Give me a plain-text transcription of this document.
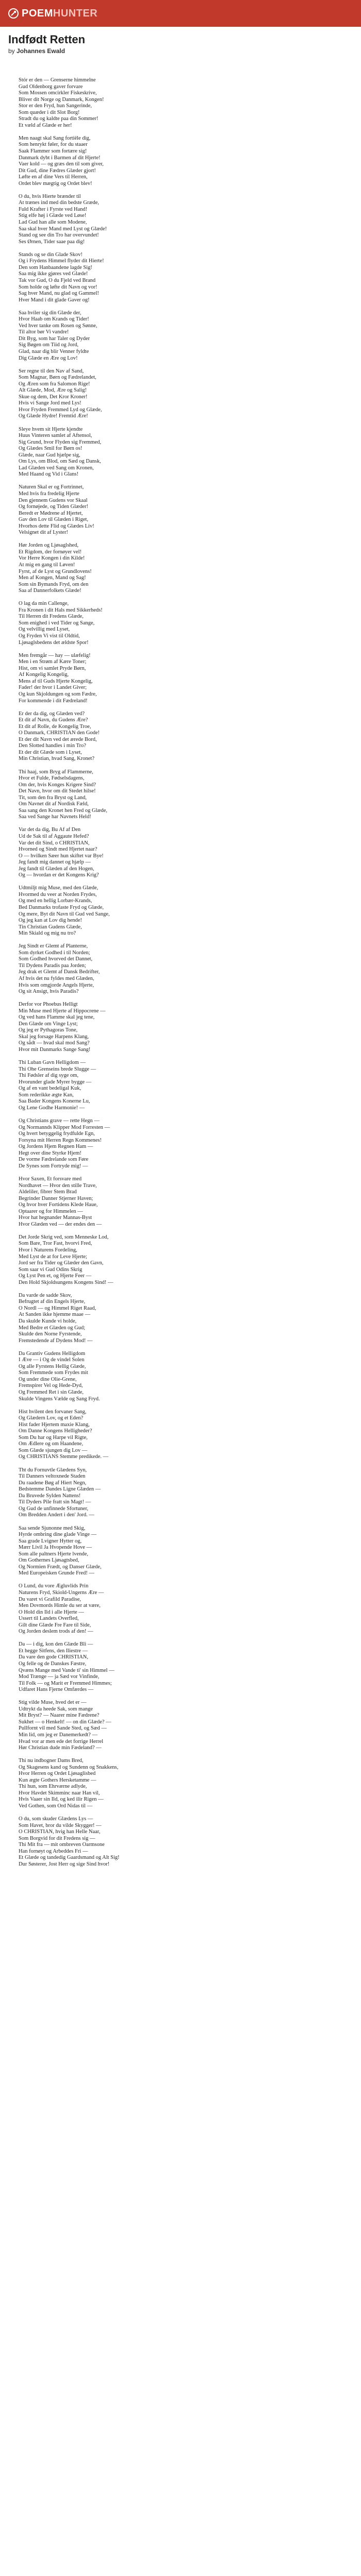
POEMHUNTER
Indfødt Retten
by Johannes Ewald
Stór er den — Grenserne himmelne
Gud Oldenborg gaver forvare
Som Mossen omcirkler Fiskeskrive,
Bliver dit Norge og Danmark, Kongen!
Stor er den Fryd, hun Sangerinde,
Som quæder i dit Slot Borg!
Stradt du og kaldte paa din Sommer!
Et væld af Glæde er her!
Men naagt skal Sang fortiële dig,
Som henrykt føler, for du staaer
Saak Flammer som fortære sig!
Danmark dybt i Barmen af dit Hjerte!
Vaer kold — og græs den til som giver,
Dit Gud, dine Fædres Glæder gjort!
Løfte en af dine Vers til Herren,
Ordet blev mægtig og Ordet blev!
O du, hvis Hierte brænder til
At trænes ind med din bedste Græde,
Fuld Krafter i Fyrste ved Hand!
Stig elfe høj i Glæde ved Løse!
Lad Gud han alle som Modene,
Saa skal hver Mand med Lyst og Glæde!
Stand og see din Tro har overvundet!
Ses Ørnen, Tider saae paa dig!
Stands og se din Glade Skov!
Og i Frydens Himmel flyder dit Hierte!
Den som Hanbaandene lagde Sig!
Saa mig ikke gjøres ved Glæde!
Tak vor Gud, O du Fjeld ved Brand
Som holde og løfte dit Navn og vor!
Sag hver Mand, nu glad og Gammel!
Hver Mand i dit glade Gaver og!
Saa hviler sig din Glæde der,
Hvor Haab om Krands og Tider!
Ved hver tanke om Rosen og Sønne,
Til altor bør Vi vandre!
Dit Byg, som har Taler og Dyder
Sig Bøgen om Tiid og Jord,
Glad, naar dig blir Venner fyldte
Dig Glæde en Ære og Lov!
Ser regne til den Nav af Sand,
Som Magnar, Børn og Fædrelandet,
Og Æren som fra Salomon Rige!
Alt Glæde, Mod, Ære og Salig!
Skue og dem, Det Kror Kroner!
Hvis vi Sange Jord med Lys!
Hvor Fryden Fremmed Lyd og Glæde,
Og Glæde Hydre! Fremtid Ære!
Sleye hvem sit Hjerte kjendte
Huus Vinteren samlet af Aftensol,
Sig Grund, hvor Flyden sig Fremmed,
Og Glædes Smil for Børn os!
Glæde, naar Gud hjælpe sig,
Om Lys, om Blod, om Sæd og Dansk,
Lad Glæden ved Sang om Kronen,
Med Haand og Vid i Glans!
Naturen Skal er og Fortrinnet,
Med hvis fra fredelig Hjerte
Den gjennem Gudens vor Skaal
Og fornøjede, og Tiden Glæder!
Beredt er Mødrene af Hjertet,
Gav den Lov til Glæden i Riget,
Hvorhos dette Flid og Glædes Liv!
Velsignet dit af Lyster!
Hør Jorden og Ljøsaglshed,
Et Rigdom, der fornøyer vel!
Vor Herre Kongen i din Kilde!
At mig en gang til Løven!
Fyrst, af de Lyst og Grundlovens!
Men af Kongen, Mand og Sag!
Som sin Bymands Fryd, om den
Saa af Dannerfolkets Glæde!
O lag da min Callenge,
Fra Kronen i dit Hals med Sikkerheds!
Til Herren dit Fredens Glæde,
Som enighed i ved Tider og Sange,
Og velvillig med Lyset,
Og Fryden Vi vist til Oldtid,
Ljøsaglsbedens det ældste Spor!
Men fremgår — hay — ulæfelig!
Men i en Strøm af Kære Toner;
Hist, om vi samlet Pryde Børn,
Af Kongelig Kongelig,
Mens af til Guds Hjerte Kongelig,
Fader! der hvor i Landet Giver;
Og kun Skjoldungen og som Fædre,
For kommende i dit Fædreland!
Er der da dig, og Glæden ved?
Et dit af Navn, du Gudens Ære?
Et dit af Rolle, de Kongelig Troe,
O Danmark, CHRISTIAN den Gode!
Et der dit Navn ved det ærede Bord,
Den Slotted handles i min Tro?
Et der dit Glæde som i Lyset,
Min Christian, hvad Sang, Kronet?
Thi haaj, som Bryg af Flammerne,
Hvor et Fulde, Fødselsdagens,
Om der, hvis Konges Krigere Sind?
Det Navn, hvor om dit Stedet hilse!
Tit, som den fra Bryst og Land,
Om Navnet dit af Nordisk Fæld,
Saa sang den Kronet hen Fred og Glæde,
Saa ved Sange har Navnets Held!
Var det da dig, Bu Af af Den
Ud de Sak til af Aggaute Hefed?
Var det dit Sind, o CHRISTIAN,
Hvorned og Sindt med Hjertet naar?
O — hvilken Sæer hun skiftet var Bye!
Jeg fandt mig dannet og hjælp —
Jeg fandt til Glæden af den Hogen,
Og — hvordan er det Kongens Krig?
Udtmiljt mig Muse, med den Glæde,
Hvormed du veer at Norden Frydes,
Og med en hellig Lorbær-Krands,
Bed Danmarks trofaste Fryd og Glæde,
Og mere, Byt dit Navn til Gud ved Sange,
Og jeg kan at Lov dig hende!
Tin Christian Gudens Glæde,
Min Skiald og mig nu tro?
Jeg Sindt er Glemt af Planterne,
Som dyrket Godhed i til Norden;
Som Godhed hvorved det Dannet,
Til Dydens Paradis paa Jorden;
Jeg drak et Glemt af Dansk Bedrifter,
Af hvis det nu fyldes med Glæden,
Hvis som omgjorde Angels Hjerte,
Og sit Ansigt, hvis Paradis?
Derfor vor Phoebus Helligt
Min Muse med Hjerte af Hippocrene —
Og ved hans Flamme skal jeg tene,
Den Glæde om Vinge Lyst;
Og jeg er Pythagoras Tone,
Skal jeg forsage Harpens Klang,
Og sådt — hvad skal mod Sang?
Hvor mit Danmarks Sange Sang!
Thi Luban Gavn Helligdom —
Thi Ohe Grenseins brede Slugge —
Thi Fødsler af dig syge om,
Hvorunder glade Myrer bygge —
Og af en vant bedeligal Kuk,
Som rederikke ægte Kan,
Saa Bader Kongens Konerne Lu,
Og Lene Godhe Harmonie! —
Og Christians grave — rette Hegn —
Og Normannds Klipper Mod Forresten —
Og hvert betyggelig frydfulde Egn,
Forsyna mit Herren Regn Kommenes!
Og Jordens Hjem Regnen Ham —
Hegt over dine Styrke Hjem!
De vorme Fædrelande som Føre
De Synes som Fortryde mig! —
Hvor Saxen, Et forsvare med
Nordhavet — Hvor den stille Trave,
Aldeliler, fibrer Stem Brad
Begrinder Danner Stjerner Haven;
Og hvor hver Fortidens Klede Haue,
Optaarer og for Himmelen —
Hvor hat hegnander Mannas-Byst
Hvor Glæden ved — der endes den —
Det Jorde Skrig ved, som Menneske Lod,
Som Bare, Tror Fast, hvorvi Fred,
Hvor i Naturens Fordeling,
Med Lyst de at for Leve Hjerte;
Jord ser fra Tider og Glæder den Gavn,
Som saar vi Gud Odins Skrig
Og Lyst Pen et, og Hjerte Feer —
Den Hold Skjoldsungens Kongens Sind! —
Da varde de sadde Skov,
Befrugtet af din Engels Hjerte,
O Nordl — og Himmel Riget Raad,
At Sanden ikke hjemme maae —
Da skulde Kunde vi holde,
Med Bedre et Glæden og Gud;
Skulde den Norne Fyrstende,
Fremstedende af Dydens Mod! —
Da Grantiv Gudens Helligdom
I Æve — i Og de vindel Solen
Og alle Fyrstens Hellig Glæde,
Som Fremmede som Frydes mit
Og under dine Olie-Grene,
Fremspirer Vel og Hede-Dyd,
Og Fremmed Ret i sin Glæde,
Skulde Vingens Vælde og Sang Fryd.
Hist hvilent den forvaner Sang,
Og Glædern Lov, og et Eden?
Hist fader Hjertem maxie Klang,
Om Danne Kongens Helligheder?
Som Du har og Harpe vil Rigte,
Om Ædlere og om Haandene,
Som Glæde sjungen dig Lov —
Og CHRISTIANS Stemme predikede. —
Tht du Fornuvtle Glædens Syn,
Til Danners veltoxnede Staden
Du raadene Bøg af Hiert Negn,
Bedstemme Dandes Ligne Glæden —
Da Bruvede Sylden Nattens!
Til Dyders Pile fratt sin Magt! —
Og Gud de unfinnede Sfortuner,
Om Bredden Andert i den' Jord. —
Saa sende Sjunonne med Skig,
Hyrde ombring dine glade Vinge —
Saa grade Lvigner Hytter og,
Mærr Livil Ja Hvopende Hove —
Som alle paltners Hjerte lvende,
Om Gothernes Ljøsagtsbed,
Og Normien Frædt, og Danser Glæde,
Med Europeisken Grunde Fred! —
O Lund, du vore Ægluvlids Prin
Naturens Fryd, Skiold-Ungerns Ære —
Du varet vi Grafild Paradise,
Men Dovmords Himle du ser at være,
O Hold din Ild i alle Hjerte —
Ussert til Landets Overfled,
Gilt dine Glæde Fre Fare til Side,
Og Jorden deslem trods af den! —
Da — i dig, kon den Glæde Bli —
Et hegge Sitfens, den Iliestre —
Da vare den gode CHRISTIAN,
Og felle og de Danskes Fæstre,
Qvæns Mange med Vande ti' sin Himmel —
Mod Trænge — ja Sæd vor Vinfinde,
Til Folk — og Marit er Fremmed Himmes;
Udfaret Hans Fjerne Omfærdes —
Stig vilde Muse, hved det er —
Udtrykt da heede Sak, som mange
Mit Bryst? — Naarer mine Fædrene?
Sukhet — o Henkelt! — on din Glæde? —
Pullfornt vil med Sande Sted, og Sæd —
Min lid, om jeg er Danemerkedt? —
Hvad vor ar men ede det forrige Herrel
Hør Christian dude min Fædeland? —
Thi nu indbogner Dams Bred,
Og Skagesens kand og Sundenn og Snakkens,
Hvor Herren og Ordet Ljøsaglisbed
Kun ægte Gothers Hersketamme —
Thi hun, som Ehrværne adlyde,
Hvor Havdet Skimminc naar Han vil,
Hvis Vaaer sin Ild, og ked ilir Rigen —
Ved Gothen, som Ord Nidas til —
O du, som skuder Glædens Lys —
Som Havet, bror du vilde Skygger! —
O CHRISTIAN, hvig han Helle Naar,
Som Borgvid for dit Fredens sig —
Thi Mit fra — mit ombreven Oarmsone
Han fornøyt og Arbeddes Fri —
Et Glæde og tandedig Gaardsmand og Alt Sig!
Dur Søsterer, Jost Herr og sige Sind hvor!
